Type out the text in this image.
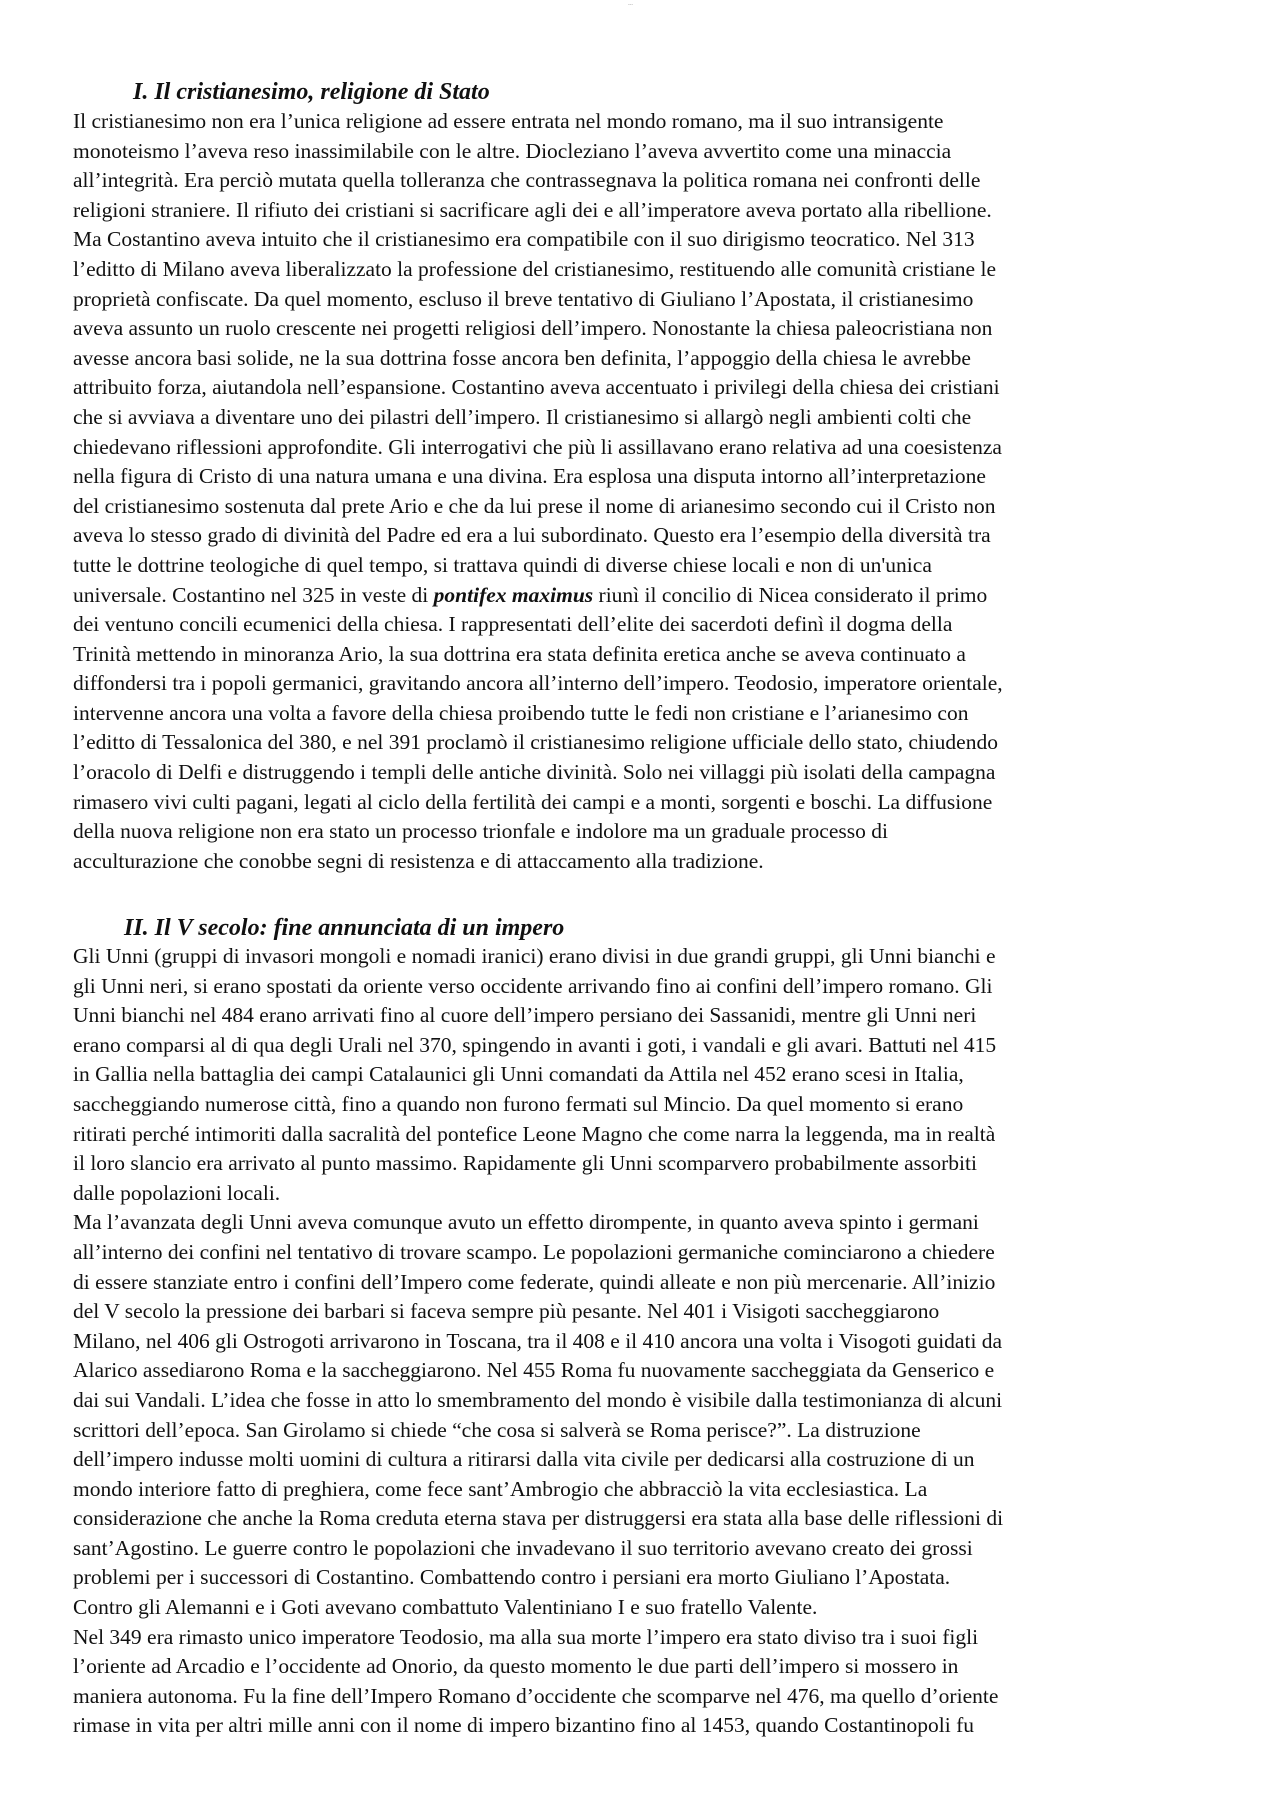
---
I. Il cristianesimo, religione di Stato
Il cristianesimo non era l’unica religione ad essere entrata nel mondo romano, ma il suo intransigente
monoteismo l’aveva reso inassimilabile con le altre. Diocleziano l’aveva avvertito come una minaccia
all’integrità. Era perciò mutata quella tolleranza che contrassegnava la politica romana nei confronti delle
religioni straniere. Il rifiuto dei cristiani si sacrificare agli dei e all’imperatore aveva portato alla ribellione.
Ma Costantino aveva intuito che il cristianesimo era compatibile con il suo dirigismo teocratico. Nel 313
l’editto di Milano aveva liberalizzato la professione del cristianesimo, restituendo alle comunità cristiane le
proprietà confiscate. Da quel momento, escluso il breve tentativo di Giuliano l’Apostata, il cristianesimo
aveva assunto un ruolo crescente nei progetti religiosi dell’impero. Nonostante la chiesa paleocristiana non
avesse ancora basi solide, ne la sua dottrina fosse ancora ben definita, l’appoggio della chiesa le avrebbe
attribuito forza, aiutandola nell’espansione. Costantino aveva accentuato i privilegi della chiesa dei cristiani
che si avviava a diventare uno dei pilastri dell’impero. Il cristianesimo si allargò negli ambienti colti che
chiedevano riflessioni approfondite. Gli interrogativi che più li assillavano erano relativa ad una coesistenza
nella figura di Cristo di una natura umana e una divina. Era esplosa una disputa intorno all’interpretazione
del cristianesimo sostenuta dal prete Ario e che da lui prese il nome di arianesimo secondo cui il Cristo non
aveva lo stesso grado di divinità del Padre ed era a lui subordinato. Questo era l’esempio della diversità tra
tutte le dottrine teologiche di quel tempo, si trattava quindi di diverse chiese locali e non di un'unica
universale. Costantino nel 325 in veste di pontifex maximus riunì il concilio di Nicea considerato il primo
dei ventuno concili ecumenici della chiesa. I rappresentati dell’elite dei sacerdoti definì il dogma della
Trinità mettendo in minoranza Ario, la sua dottrina era stata definita eretica anche se aveva continuato a
diffondersi tra i popoli germanici, gravitando ancora all’interno dell’impero. Teodosio, imperatore orientale,
intervenne ancora una volta a favore della chiesa proibendo tutte le fedi non cristiane e l’arianesimo con
l’editto di Tessalonica del 380, e nel 391 proclamò il cristianesimo religione ufficiale dello stato, chiudendo
l’oracolo di Delfi e distruggendo i templi delle antiche divinità. Solo nei villaggi più isolati della campagna
rimasero vivi culti pagani, legati al ciclo della fertilità dei campi e a monti, sorgenti e boschi. La diffusione
della nuova religione non era stato un processo trionfale e indolore ma un graduale processo di
acculturazione che conobbe segni di resistenza e di attaccamento alla tradizione.
II. Il V secolo: fine annunciata di un impero
Gli Unni (gruppi di invasori mongoli e nomadi iranici) erano divisi in due grandi gruppi, gli Unni bianchi e
gli Unni neri, si erano spostati da oriente verso occidente arrivando fino ai confini dell’impero romano. Gli
Unni bianchi nel 484 erano arrivati fino al cuore dell’impero persiano dei Sassanidi, mentre gli Unni neri
erano comparsi al di qua degli Urali nel 370, spingendo in avanti i goti, i vandali e gli avari. Battuti nel 415
in Gallia nella battaglia dei campi Catalaunici gli Unni comandati da Attila nel 452 erano scesi in Italia,
saccheggiando numerose città, fino a quando non furono fermati sul Mincio. Da quel momento si erano
ritirati perché intimoriti dalla sacralità del pontefice Leone Magno che come narra la leggenda, ma in realtà
il loro slancio era arrivato al punto massimo. Rapidamente gli Unni scomparvero probabilmente assorbiti
dalle popolazioni locali.
Ma l’avanzata degli Unni aveva comunque avuto un effetto dirompente, in quanto aveva spinto i germani
all’interno dei confini nel tentativo di trovare scampo. Le popolazioni germaniche cominciarono a chiedere
di essere stanziate entro i confini dell’Impero come federate, quindi alleate e non più mercenarie. All’inizio
del V secolo la pressione dei barbari si faceva sempre più pesante. Nel 401 i Visigoti saccheggiarono
Milano, nel 406 gli Ostrogoti arrivarono in Toscana, tra il 408 e il 410 ancora una volta i Visogoti guidati da
Alarico assediarono Roma e la saccheggiarono. Nel 455 Roma fu nuovamente saccheggiata da Genserico e
dai sui Vandali. L’idea che fosse in atto lo smembramento del mondo è visibile dalla testimonianza di alcuni
scrittori dell’epoca. San Girolamo si chiede “che cosa si salverà se Roma perisce?”. La distruzione
dell’impero indusse molti uomini di cultura a ritirarsi dalla vita civile per dedicarsi alla costruzione di un
mondo interiore fatto di preghiera, come fece sant’Ambrogio che abbracciò la vita ecclesiastica. La
considerazione che anche la Roma creduta eterna stava per distruggersi era stata alla base delle riflessioni di
sant’Agostino. Le guerre contro le popolazioni che invadevano il suo territorio avevano creato dei grossi
problemi per i successori di Costantino. Combattendo contro i persiani era morto Giuliano l’Apostata.
Contro gli Alemanni e i Goti avevano combattuto Valentiniano I e suo fratello Valente.
Nel 349 era rimasto unico imperatore Teodosio, ma alla sua morte l’impero era stato diviso tra i suoi figli
l’oriente ad Arcadio e l’occidente ad Onorio, da questo momento le due parti dell’impero si mossero in
maniera autonoma. Fu la fine dell’Impero Romano d’occidente che scomparve nel 476, ma quello d’oriente
rimase in vita per altri mille anni con il nome di impero bizantino fino al 1453, quando Costantinopoli fu
